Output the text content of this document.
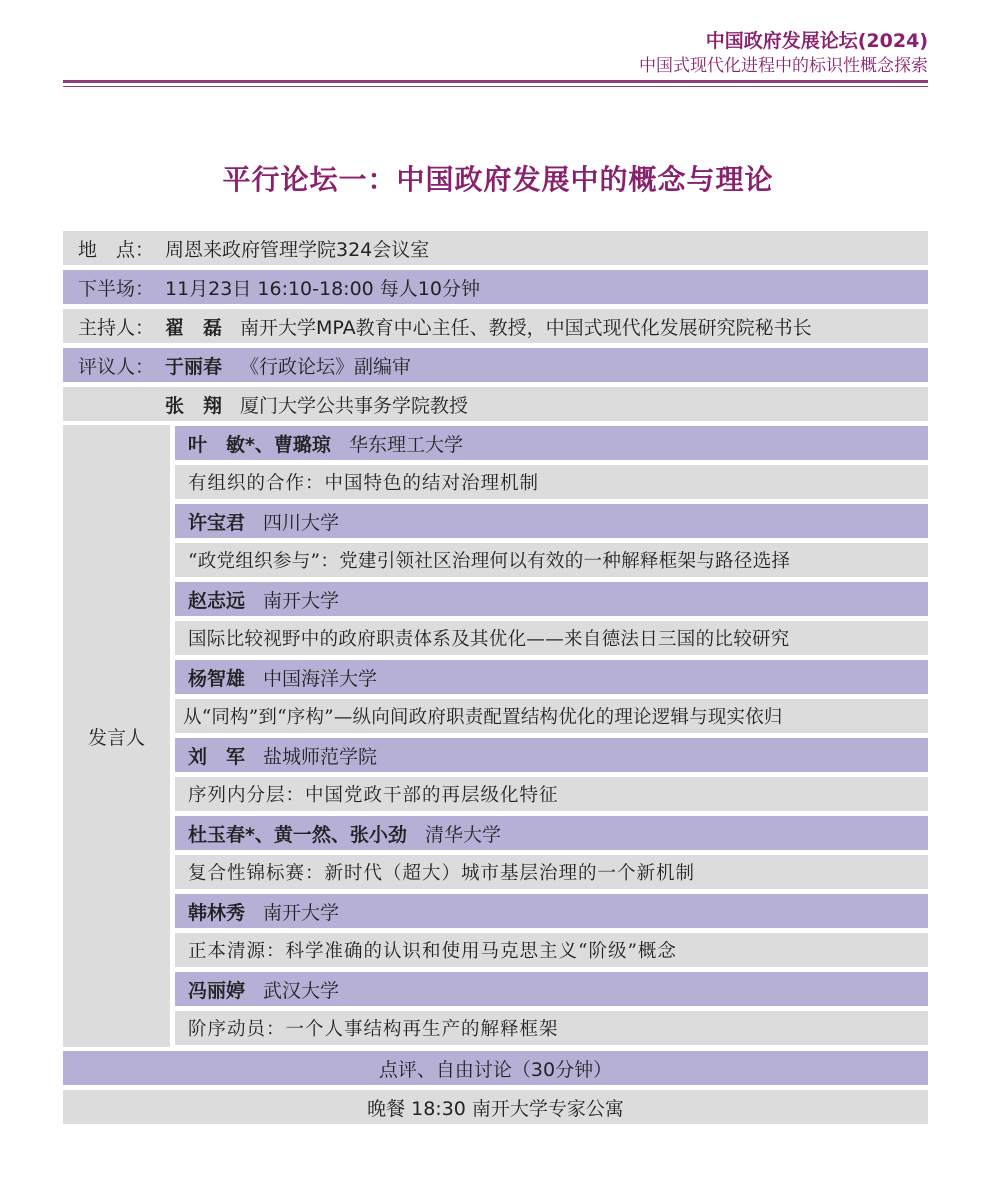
中国政府发展论坛(2024)
中国式现代化进程中的标识性概念探索
平行论坛一：中国政府发展中的概念与理论
地　点： 周恩来政府管理学院324会议室
下半场： 11月23日 16:10-18:00 每人10分钟
主持人： 翟　磊 南开大学MPA教育中心主任、教授，中国式现代化发展研究院秘书长
评议人： 于丽春 《行政论坛》副编审
张　翔 厦门大学公共事务学院教授
发言人
叶　敏*、曹璐琼 华东理工大学
有组织的合作：中国特色的结对治理机制
许宝君 四川大学
“政党组织参与”：党建引领社区治理何以有效的一种解释框架与路径选择
赵志远 南开大学
国际比较视野中的政府职责体系及其优化——来自德法日三国的比较研究
杨智雄 中国海洋大学
从“同构”到“序构”—纵向间政府职责配置结构优化的理论逻辑与现实依归
刘　军 盐城师范学院
序列内分层：中国党政干部的再层级化特征
杜玉春*、黄一然、张小劲 清华大学
复合性锦标赛：新时代（超大）城市基层治理的一个新机制
韩林秀 南开大学
正本清源：科学准确的认识和使用马克思主义“阶级”概念
冯丽婷 武汉大学
阶序动员：一个人事结构再生产的解释框架
点评、自由讨论（30分钟）
晚餐 18:30 南开大学专家公寓
